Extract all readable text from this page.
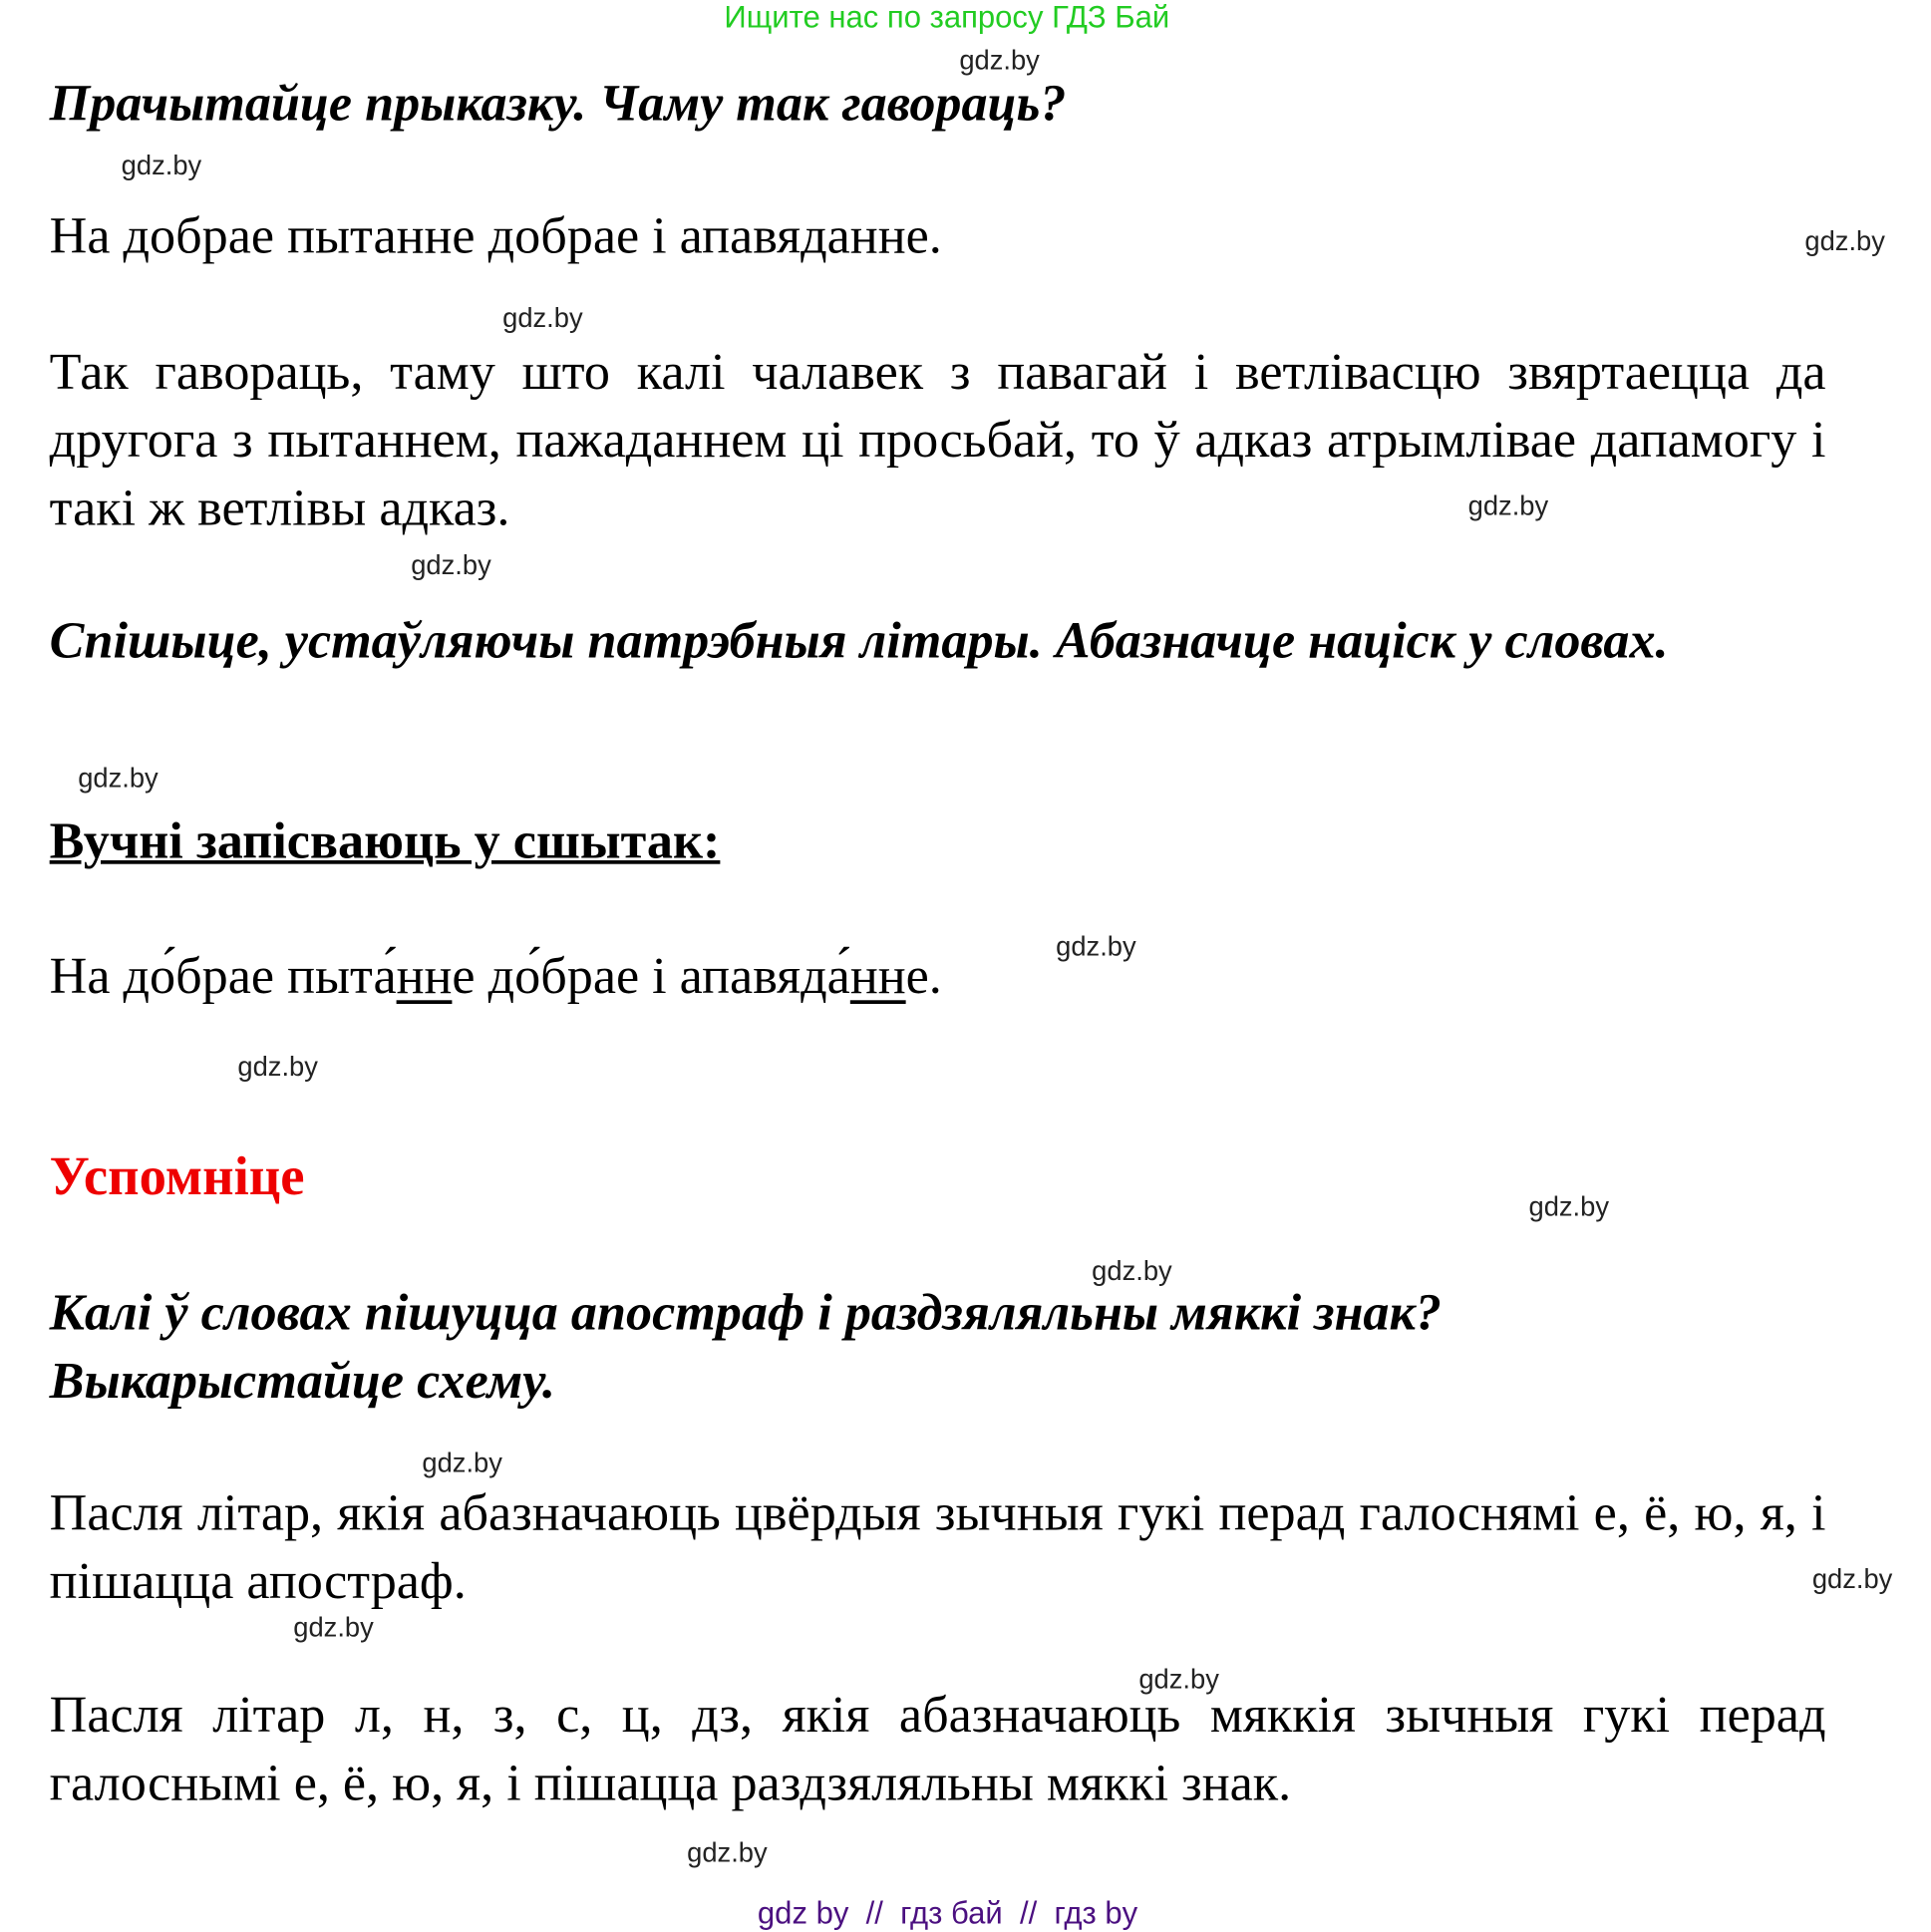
Ищите нас по запросу ГДЗ Бай
gdz.by
Прачытайце прыказку. Чаму так гавораць?
gdz.by
На добрае пытанне добрае і апавяданне.	gdz.by
gdz.by
Так гавораць, таму што калі чалавек з павагай і ветлівасцю звяртаецца да другога з пытаннем, пажаданнем ці просьбай, то ў адказ атрымлівае дапамогу і такі ж ветлівы адказ.	gdz.by
gdz.by
Спішыце, устаўляючы патрэбныя літары. Абазначце націск у словах.
gdz.by
Вучні запісваюць у сшытак:
gdz.by
На до́брае пыта́нне до́брае і апавяда́нне.
gdz.by
Успомніце	gdz.by
gdz.by
Калі ў словах пішуцца апостраф і раздзяляльны мяккі знак?
Выкарыстайце схему.
gdz.by
Пасля літар, якія абазначаюць цвёрдыя зычныя гукі перад галоснямі е, ё, ю, я, і пішацца апостраф.	gdz.by
gdz.by
gdz.by
Пасля літар л, н, з, с, ц, дз, якія абазначаюць мяккія зычныя гукі перад галоснымі е, ё, ю, я, і пішацца раздзяляльны мяккі знак.
gdz.by
gdz by  //  гдз бай  //  гдз by
